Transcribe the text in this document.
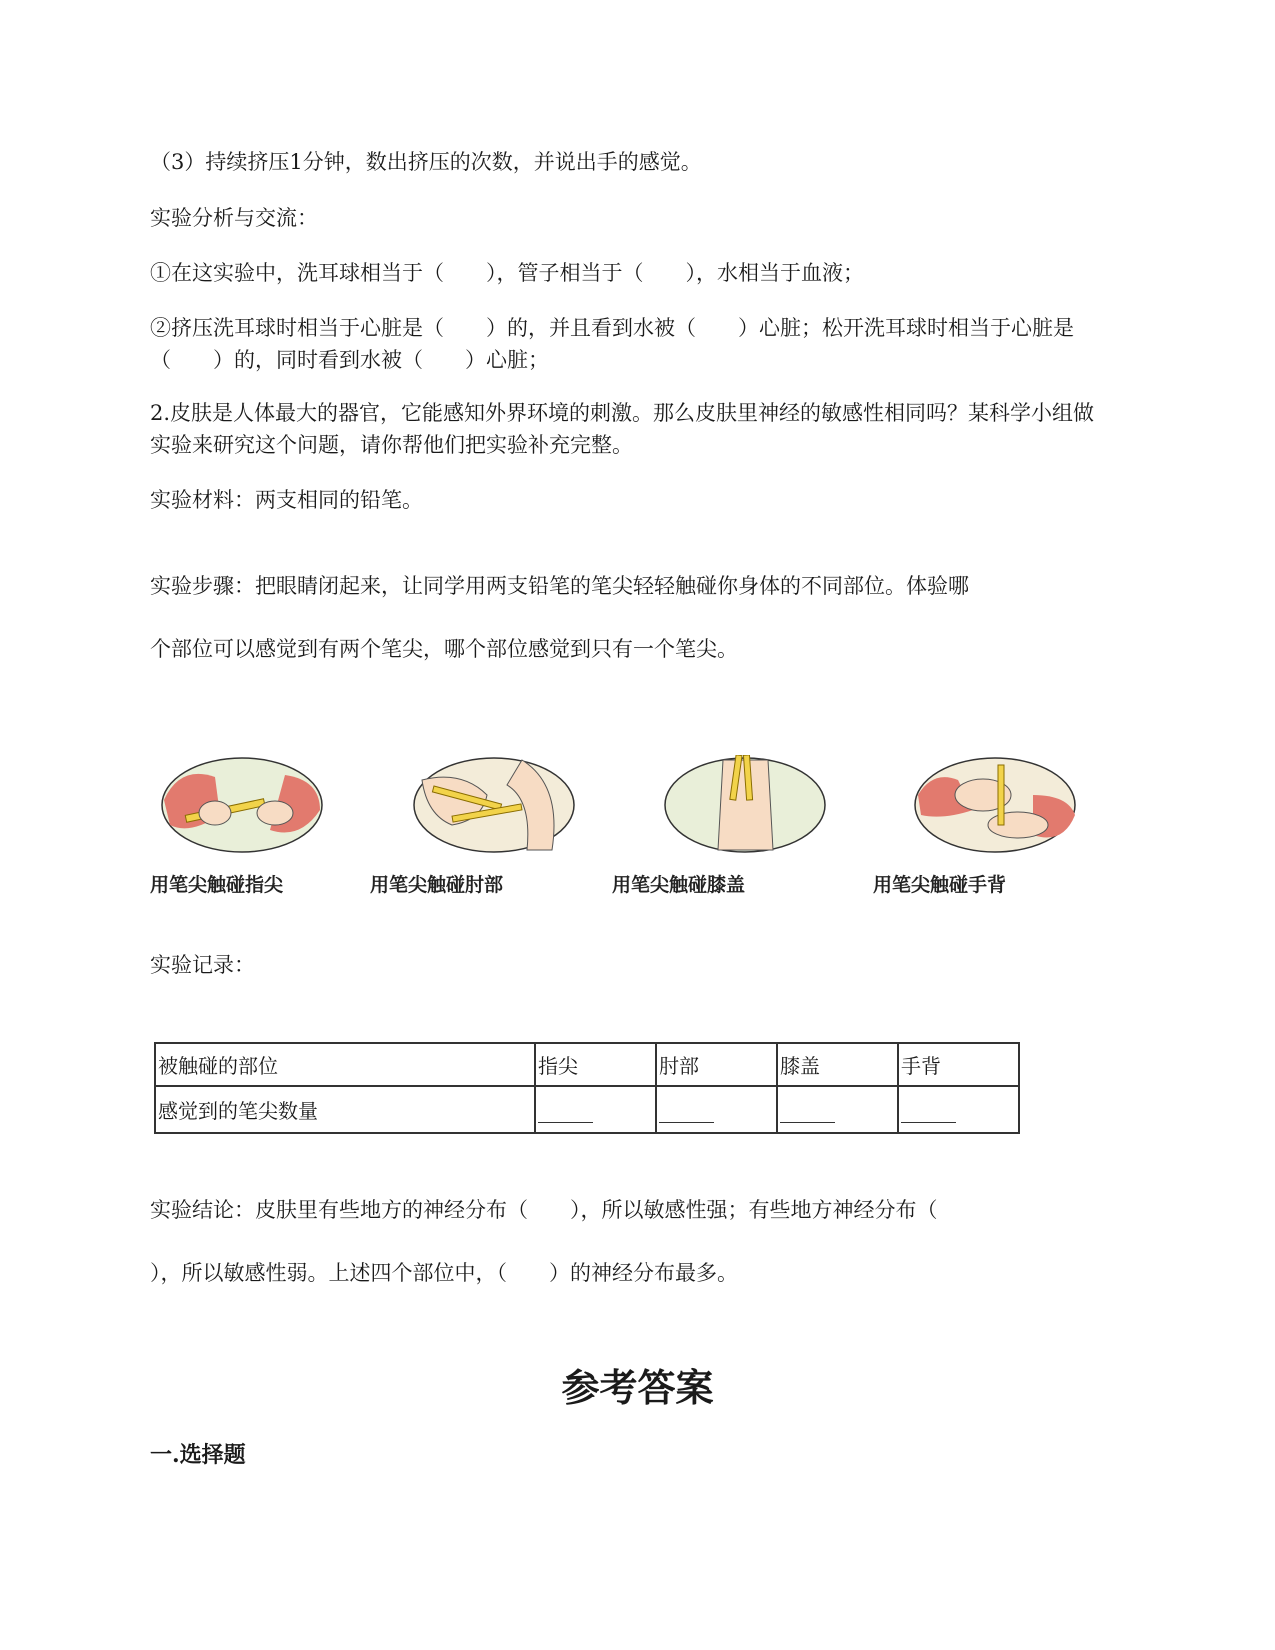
（3）持续挤压1分钟，数出挤压的次数，并说出手的感觉。
实验分析与交流：
①在这实验中，洗耳球相当于（　　），管子相当于（　　），水相当于血液；
②挤压洗耳球时相当于心脏是（　　）的，并且看到水被（　　）心脏；松开洗耳球时相当于心脏是（　　）的，同时看到水被（　　）心脏；
2.皮肤是人体最大的器官，它能感知外界环境的刺激。那么皮肤里神经的敏感性相同吗？某科学小组做实验来研究这个问题，请你帮他们把实验补充完整。
实验材料：两支相同的铅笔。
实验步骤：把眼睛闭起来，让同学用两支铅笔的笔尖轻轻触碰你身体的不同部位。体验哪
个部位可以感觉到有两个笔尖，哪个部位感觉到只有一个笔尖。
用笔尖触碰指尖	用笔尖触碰肘部	用笔尖触碰膝盖	用笔尖触碰手背
实验记录：
被触碰的部位	指尖	肘部	膝盖	手背
感觉到的笔尖数量				
实验结论：皮肤里有些地方的神经分布（　　），所以敏感性强；有些地方神经分布（
），所以敏感性弱。上述四个部位中，（　　）的神经分布最多。
参考答案
一.选择题
